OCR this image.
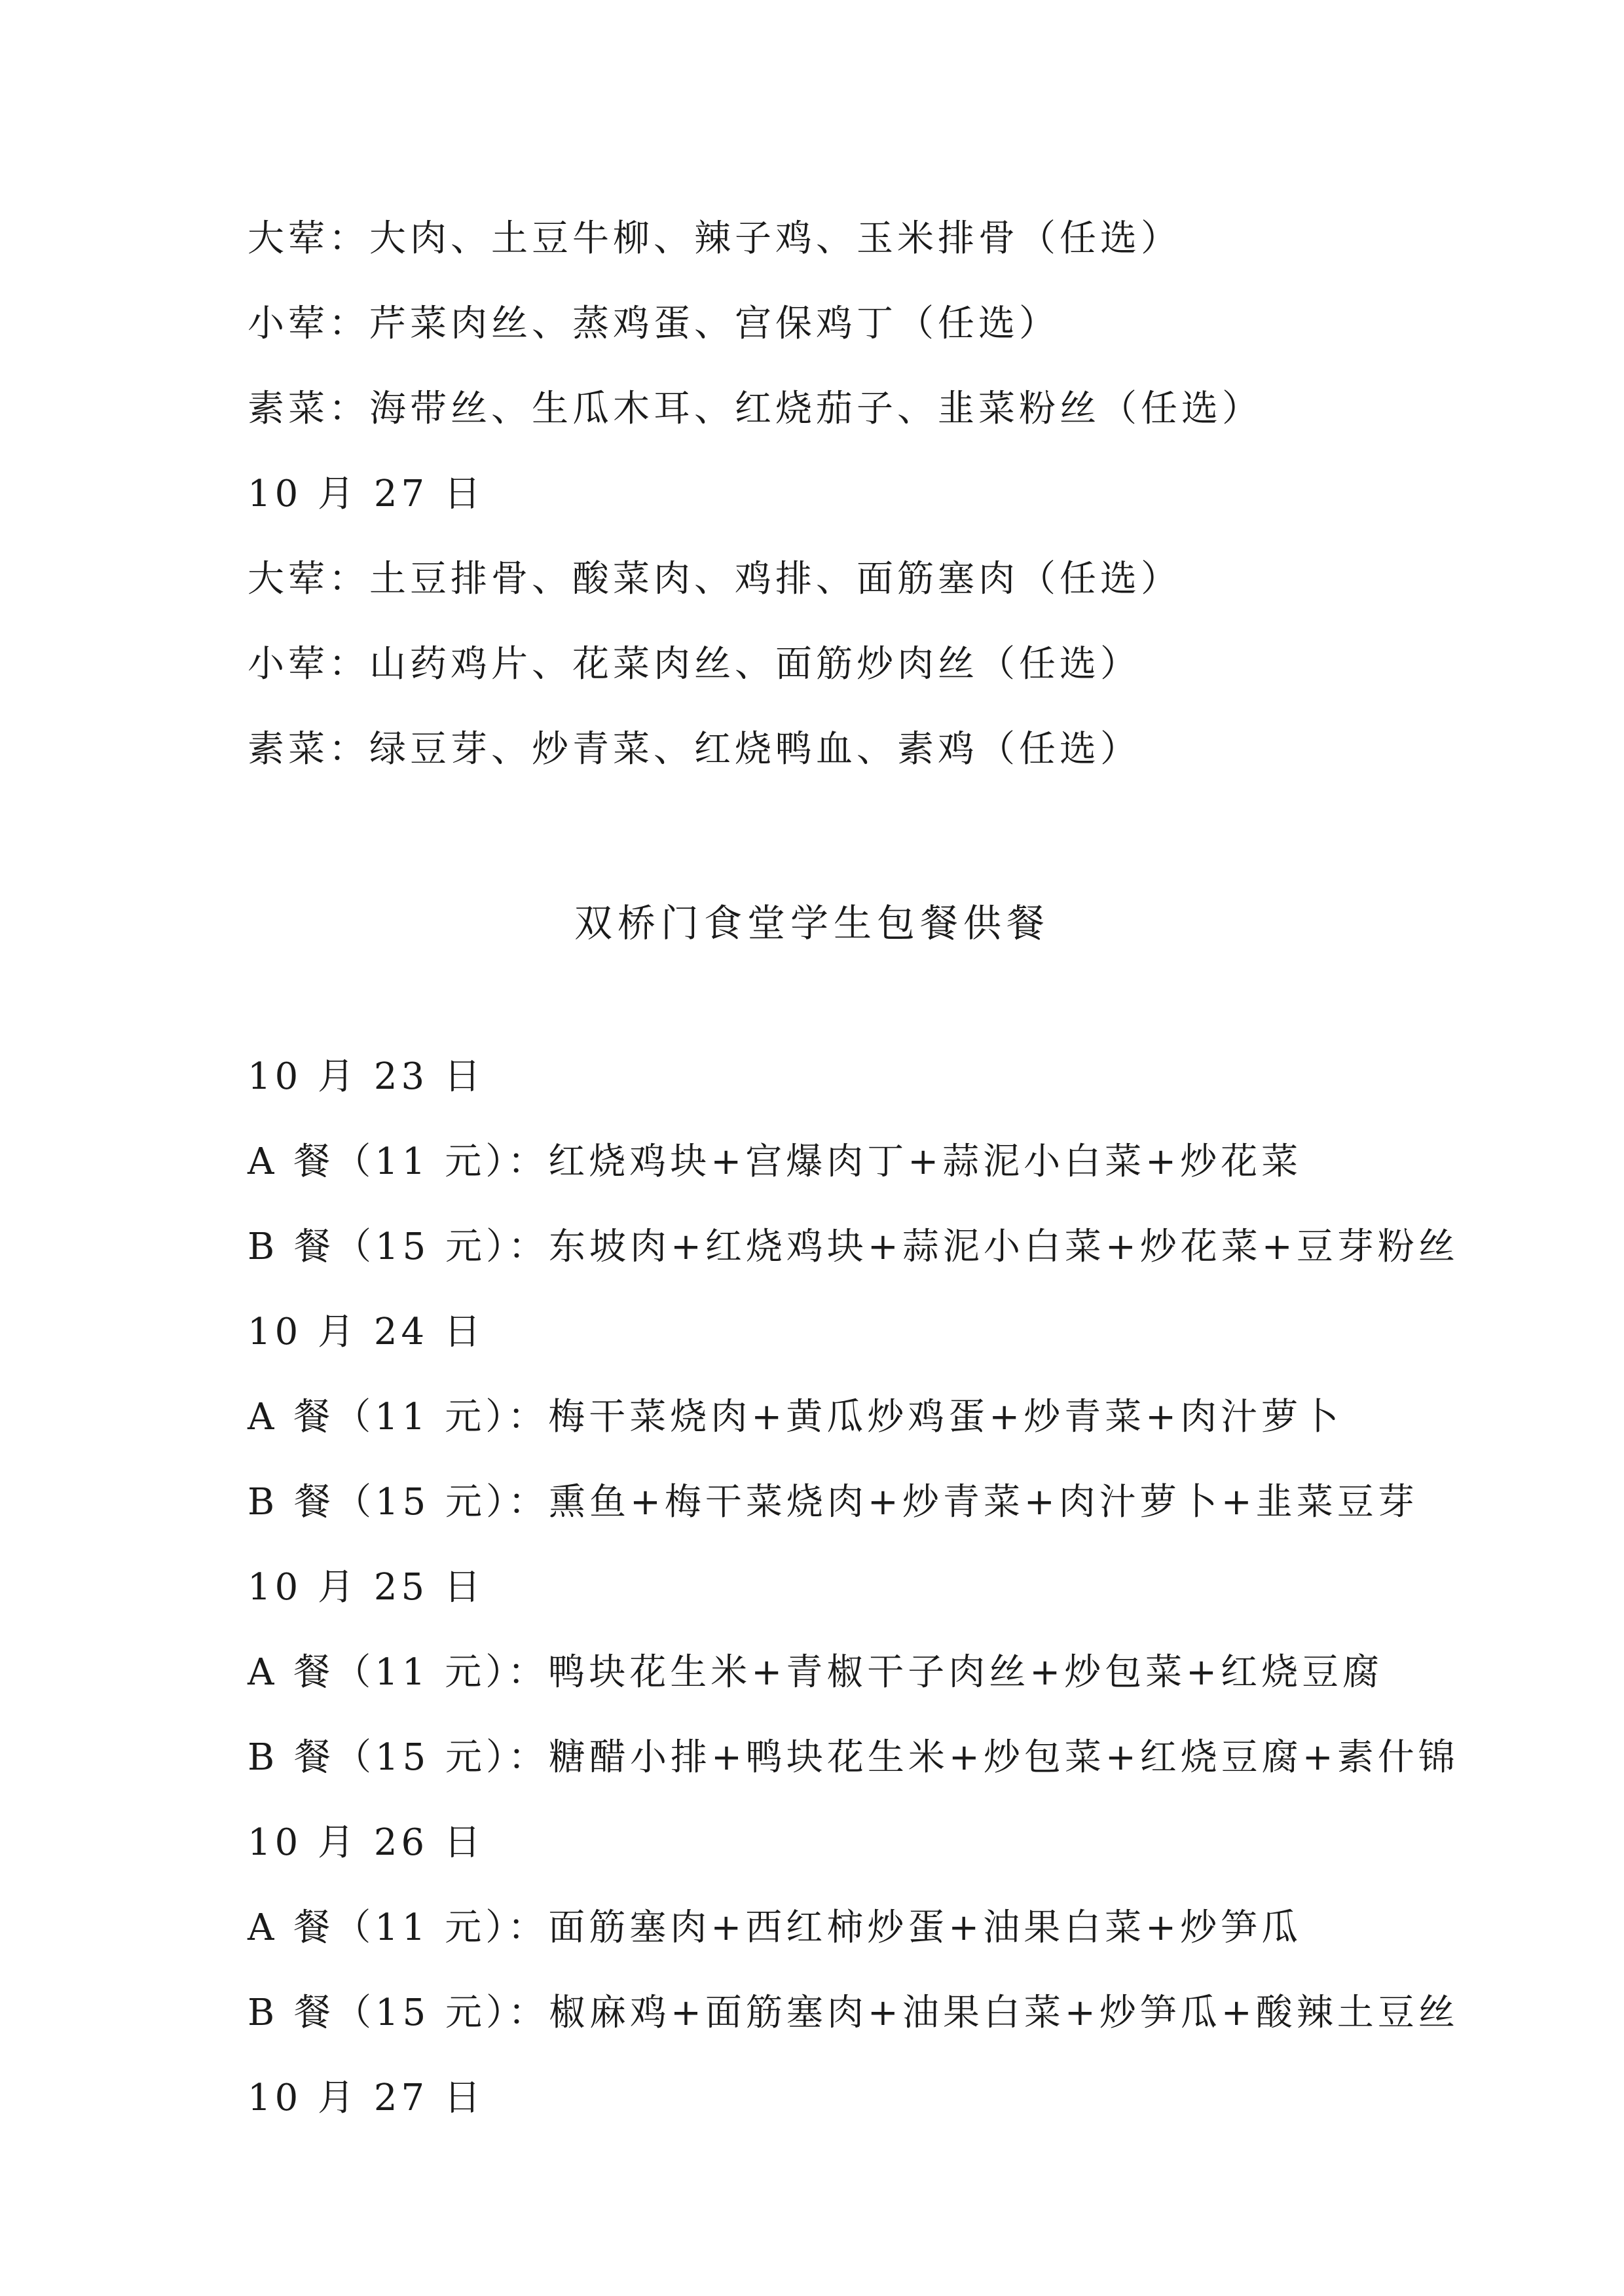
大荤：大肉、土豆牛柳、辣子鸡、玉米排骨（任选）
小荤：芹菜肉丝、蒸鸡蛋、宫保鸡丁（任选）
素菜：海带丝、生瓜木耳、红烧茄子、韭菜粉丝（任选）
10 月 27 日
大荤：土豆排骨、酸菜肉、鸡排、面筋塞肉（任选）
小荤：山药鸡片、花菜肉丝、面筋炒肉丝（任选）
素菜：绿豆芽、炒青菜、红烧鸭血、素鸡（任选）
双桥门食堂学生包餐供餐
10 月 23 日
A 餐（11 元）：红烧鸡块+宫爆肉丁+蒜泥小白菜+炒花菜
B 餐（15 元）：东坡肉+红烧鸡块+蒜泥小白菜+炒花菜+豆芽粉丝
10 月 24 日
A 餐（11 元）：梅干菜烧肉+黄瓜炒鸡蛋+炒青菜+肉汁萝卜
B 餐（15 元）：熏鱼+梅干菜烧肉+炒青菜+肉汁萝卜+韭菜豆芽
10 月 25 日
A 餐（11 元）：鸭块花生米+青椒干子肉丝+炒包菜+红烧豆腐
B 餐（15 元）：糖醋小排+鸭块花生米+炒包菜+红烧豆腐+素什锦
10 月 26 日
A 餐（11 元）：面筋塞肉+西红柿炒蛋+油果白菜+炒笋瓜
B 餐（15 元）：椒麻鸡+面筋塞肉+油果白菜+炒笋瓜+酸辣土豆丝
10 月 27 日
